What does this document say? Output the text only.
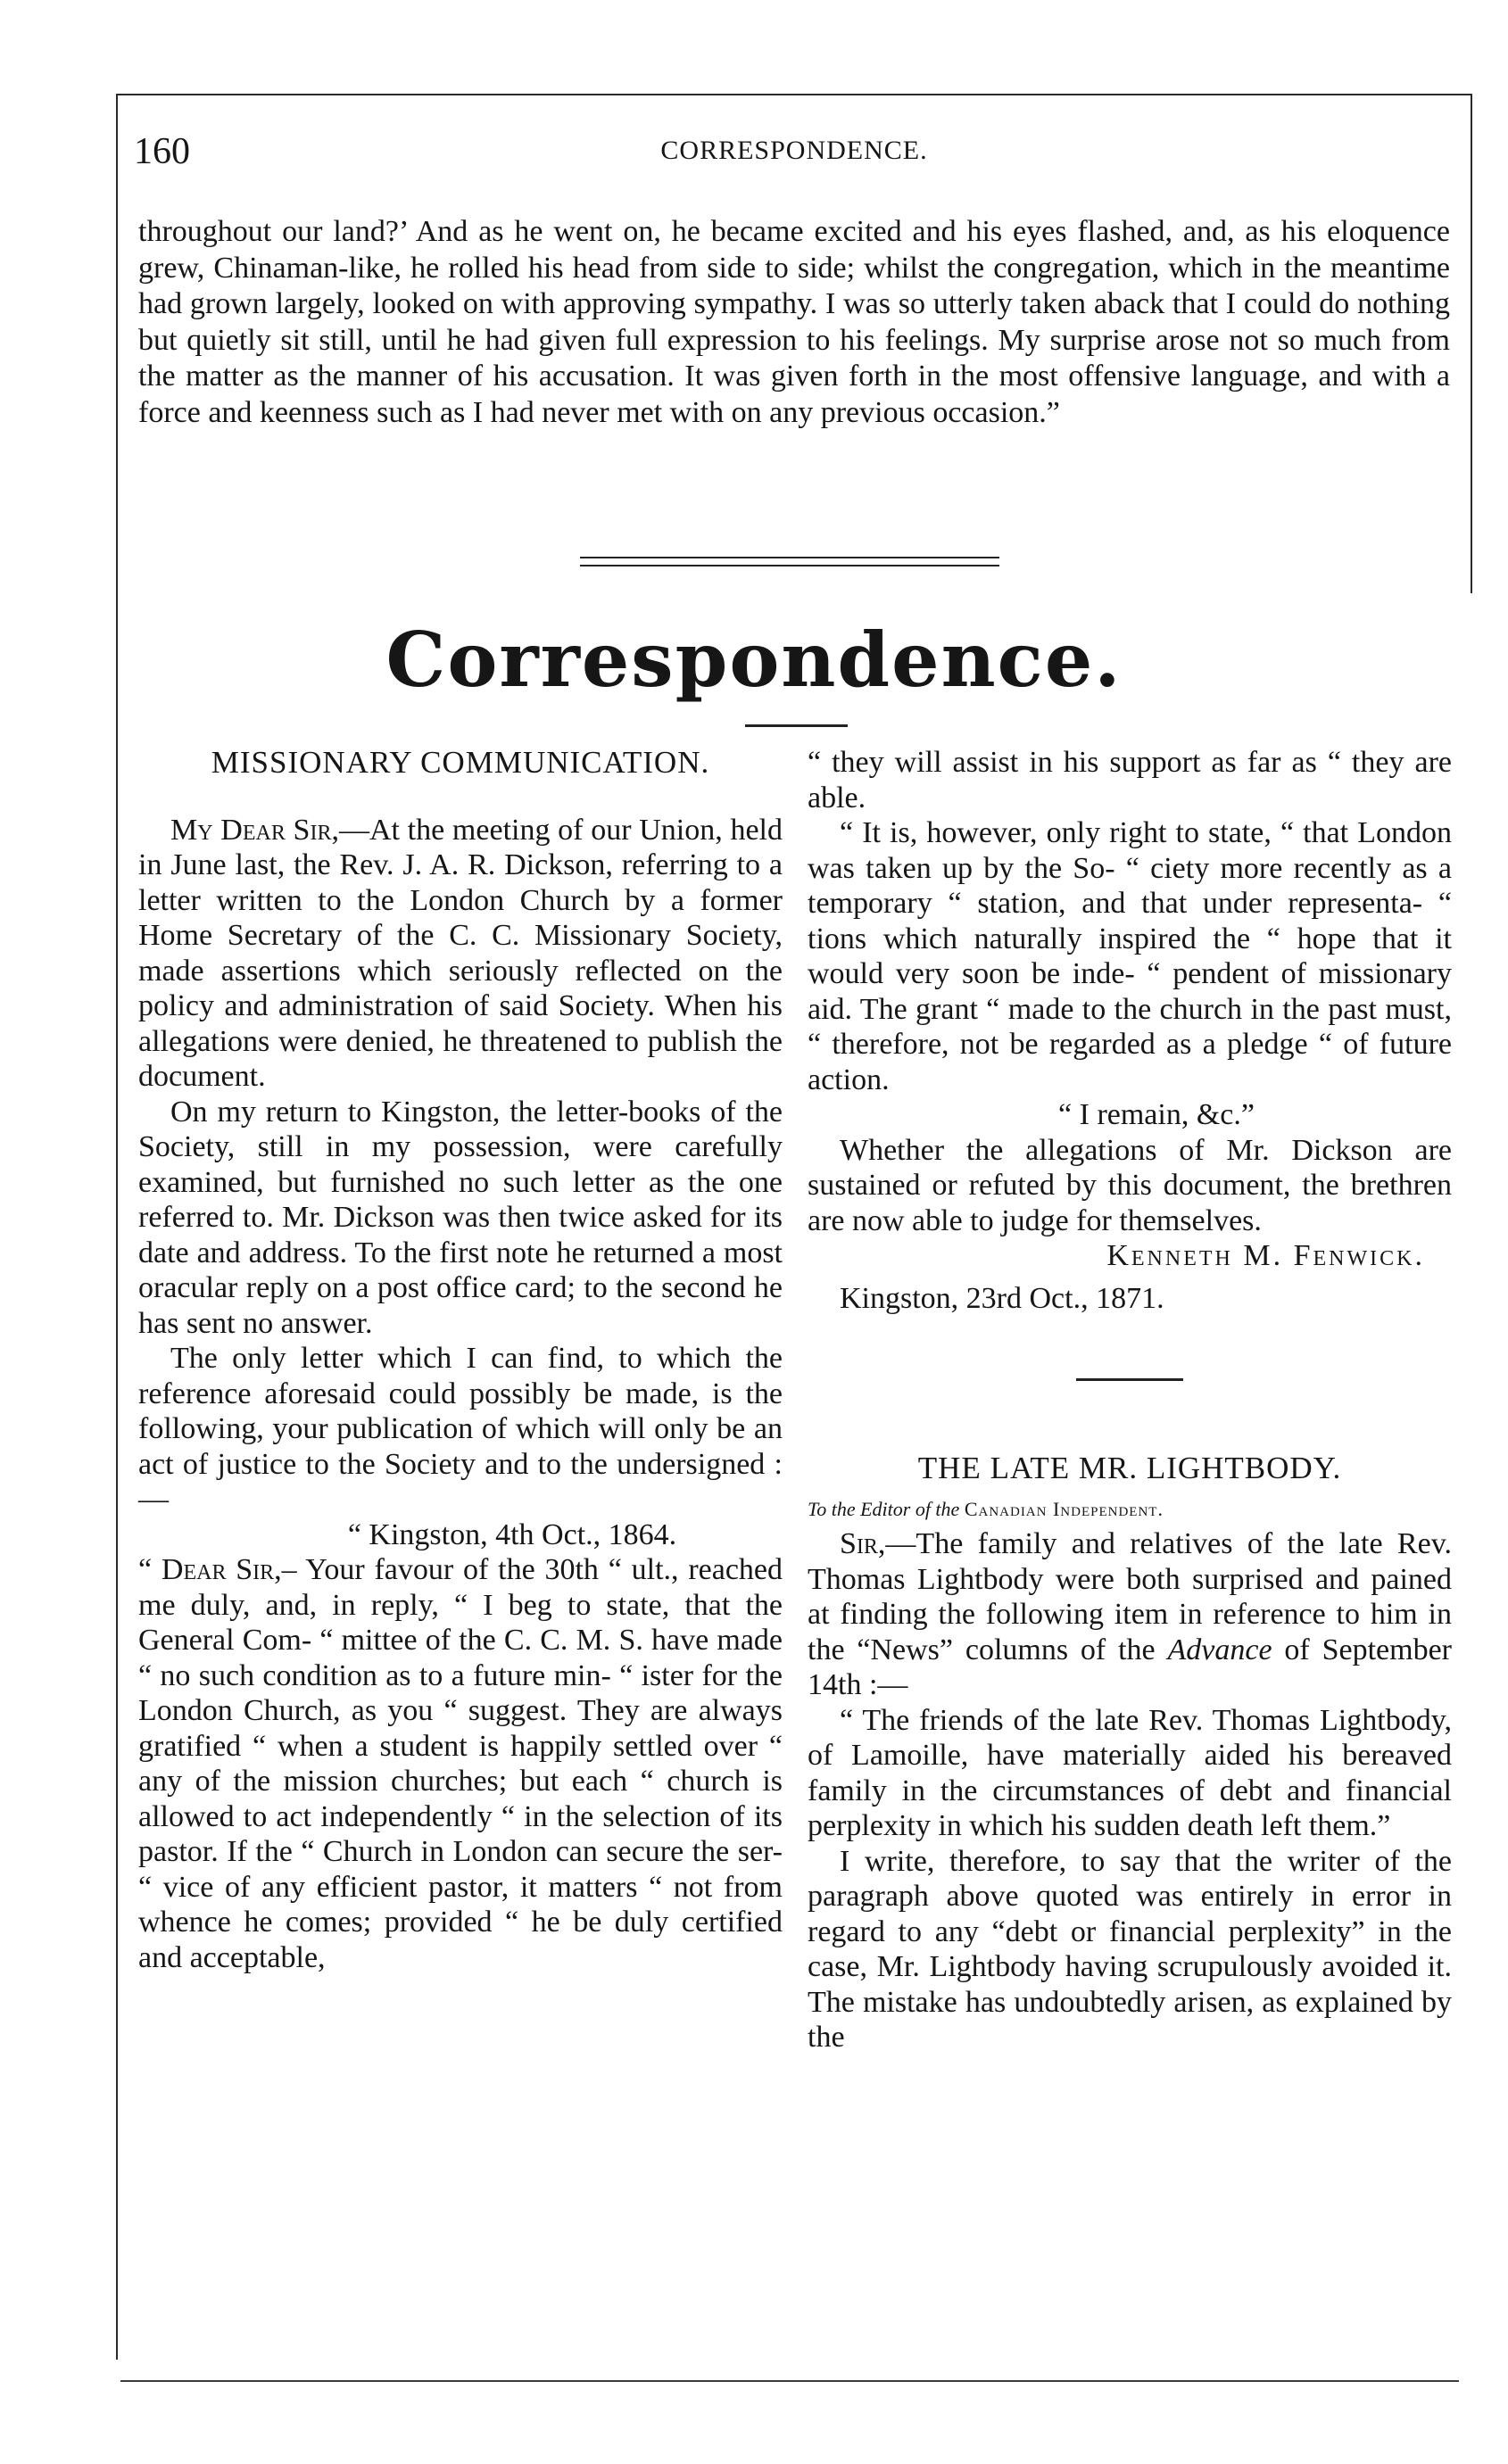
160	CORRESPONDENCE.

throughout our land?’ And as he went on, he became excited and his eyes flashed, and, as his eloquence grew, Chinaman-like, he rolled his head from side to side; whilst the congregation, which in the meantime had grown largely, looked on with approving sympathy. I was so utterly taken aback that I could do nothing but quietly sit still, until he had given full expression to his feelings. My surprise arose not so much from the matter as the manner of his accusation. It was given forth in the most offensive language, and with a force and keenness such as I had never met with on any previous occasion.”

Correspondence.
MISSIONARY COMMUNICATION.

My Dear Sir,—At the meeting of our Union, held in June last, the Rev. J. A. R. Dickson, referring to a letter written to the London Church by a former Home Secretary of the C. C. Missionary Society, made assertions which seriously reflected on the policy and administration of said Society. When his allegations were denied, he threatened to publish the document.

On my return to Kingston, the letter-books of the Society, still in my possession, were carefully examined, but furnished no such letter as the one referred to. Mr. Dickson was then twice asked for its date and address. To the first note he returned a most oracular reply on a post office card; to the second he has sent no answer.

The only letter which I can find, to which the reference aforesaid could possibly be made, is the following, your publication of which will only be an act of justice to the Society and to the undersigned :—

“ Kingston, 4th Oct., 1864.

“ Dear Sir,– Your favour of the 30th “ ult., reached me duly, and, in reply, “ I beg to state, that the General Com- “ mittee of the C. C. M. S. have made “ no such condition as to a future min- “ ister for the London Church, as you “ suggest. They are always gratified “ when a student is happily settled over “ any of the mission churches; but each “ church is allowed to act independently “ in the selection of its pastor. If the “ Church in London can secure the ser- “ vice of any efficient pastor, it matters “ not from whence he comes; provided “ he be duly certified and acceptable,

“ they will assist in his support as far as “ they are able.

“ It is, however, only right to state, “ that London was taken up by the So- “ ciety more recently as a temporary “ station, and that under representa- “ tions which naturally inspired the “ hope that it would very soon be inde- “ pendent of missionary aid. The grant “ made to the church in the past must, “ therefore, not be regarded as a pledge “ of future action.

“ I remain, &c.”

Whether the allegations of Mr. Dickson are sustained or refuted by this document, the brethren are now able to judge for themselves.

Kenneth M. Fenwick.

Kingston, 23rd Oct., 1871.

THE LATE MR. LIGHTBODY.

To the Editor of the Canadian Independent.

Sir,—The family and relatives of the late Rev. Thomas Lightbody were both surprised and pained at finding the following item in reference to him in the “News” columns of the Advance of September 14th :—

“ The friends of the late Rev. Thomas Lightbody, of Lamoille, have materially aided his bereaved family in the circumstances of debt and financial perplexity in which his sudden death left them.”

I write, therefore, to say that the writer of the paragraph above quoted was entirely in error in regard to any “debt or financial perplexity” in the case, Mr. Lightbody having scrupulously avoided it. The mistake has undoubtedly arisen, as explained by the
